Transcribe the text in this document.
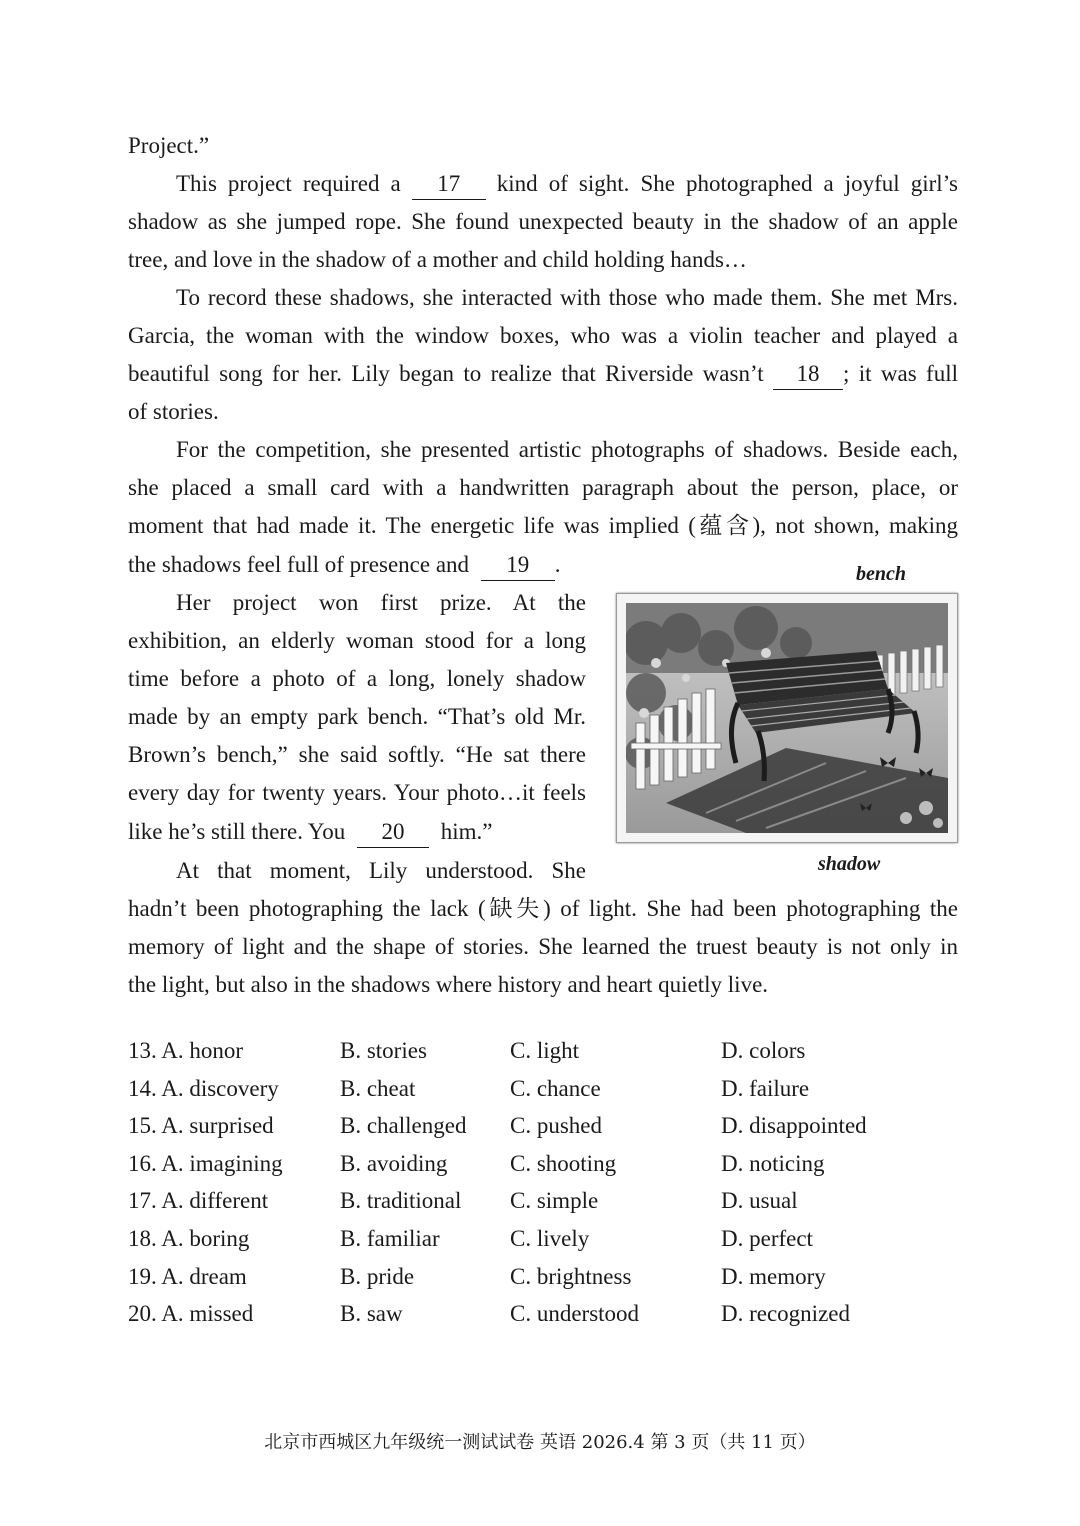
Project.”
This project required a 17 kind of sight. She photographed a joyful girl’s
shadow as she jumped rope. She found unexpected beauty in the shadow of an apple
tree, and love in the shadow of a mother and child holding hands…
To record these shadows, she interacted with those who made them. She met Mrs.
Garcia, the woman with the window boxes, who was a violin teacher and played a
beautiful song for her. Lily began to realize that Riverside wasn’t 18 ; it was full
of stories.
For the competition, she presented artistic photographs of shadows. Beside each,
she placed a small card with a handwritten paragraph about the person, place, or
moment that had made it. The energetic life was implied (蕴含), not shown, making
the shadows feel full of presence and 19 .
Her project won first prize. At the
exhibition, an elderly woman stood for a long
time before a photo of a long, lonely shadow
made by an empty park bench. “That’s old Mr.
Brown’s bench,” she said softly. “He sat there
every day for twenty years. Your photo…it feels
like he’s still there. You 20 him.”
At that moment, Lily understood. She
hadn’t been photographing the lack (缺失) of light. She had been photographing the
memory of light and the shape of stories. She learned the truest beauty is not only in
the light, but also in the shadows where history and heart quietly live.
bench
shadow
13. A. honor	B. stories	C. light	D. colors
14. A. discovery	B. cheat	C. chance	D. failure
15. A. surprised	B. challenged C. pushed	D. disappointed
16. A. imagining B. avoiding	C. shooting	D. noticing
17. A. different	B. traditional C. simple	D. usual
18. A. boring	B. familiar	C. lively	D. perfect
19. A. dream	B. pride	C. brightness	D. memory
20. A. missed	B. saw	C. understood	D. recognized
北京市西城区九年级统一测试试卷 英语 2026.4 第 3 页（共 11 页）
